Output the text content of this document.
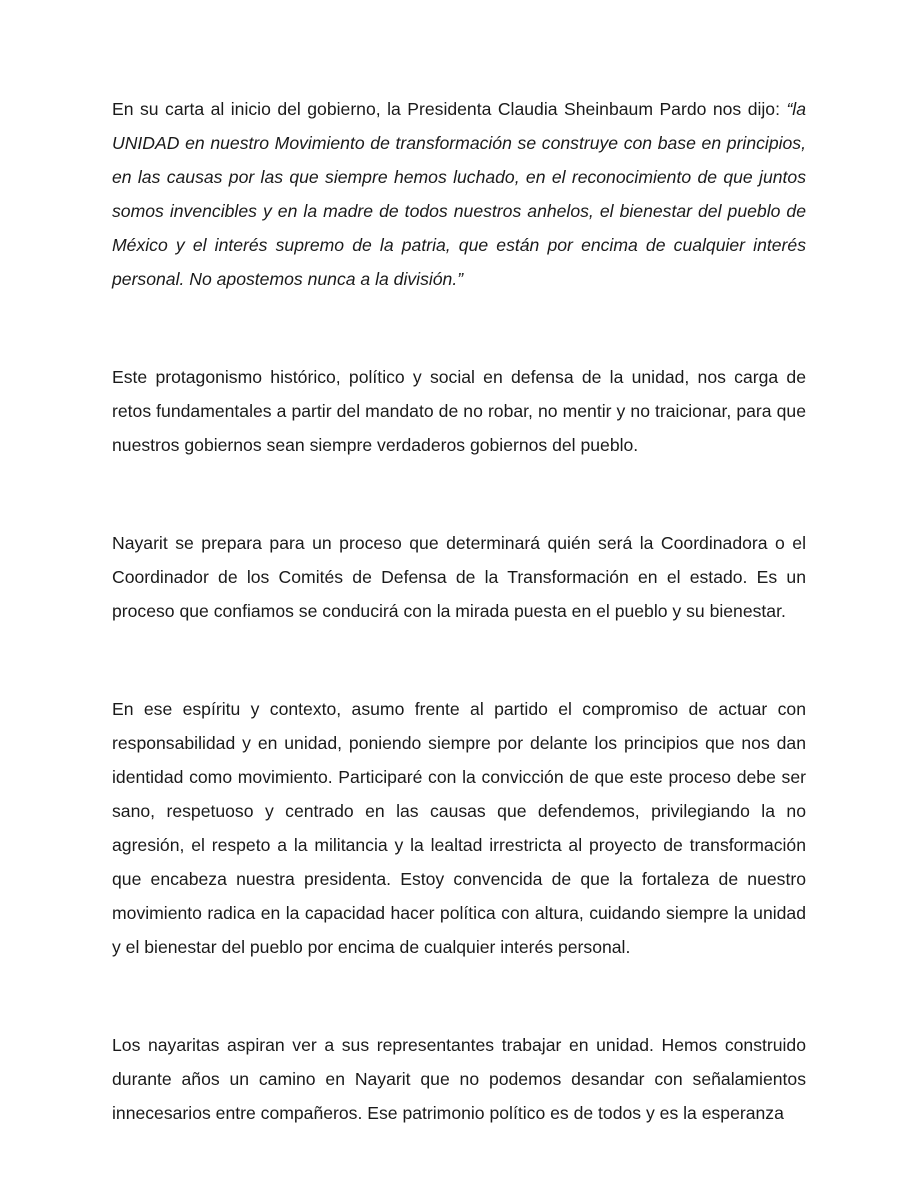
En su carta al inicio del gobierno, la Presidenta Claudia Sheinbaum Pardo nos dijo: “la UNIDAD en nuestro Movimiento de transformación se construye con base en principios, en las causas por las que siempre hemos luchado, en el reconocimiento de que juntos somos invencibles y en la madre de todos nuestros anhelos, el bienestar del pueblo de México y el interés supremo de la patria, que están por encima de cualquier interés personal. No apostemos nunca a la división.”

Este protagonismo histórico, político y social en defensa de la unidad, nos carga de retos fundamentales a partir del mandato de no robar, no mentir y no traicionar, para que nuestros gobiernos sean siempre verdaderos gobiernos del pueblo.

Nayarit se prepara para un proceso que determinará quién será la Coordinadora o el Coordinador de los Comités de Defensa de la Transformación en el estado. Es un proceso que confiamos se conducirá con la mirada puesta en el pueblo y su bienestar.

En ese espíritu y contexto, asumo frente al partido el compromiso de actuar con responsabilidad y en unidad, poniendo siempre por delante los principios que nos dan identidad como movimiento. Participaré con la convicción de que este proceso debe ser sano, respetuoso y centrado en las causas que defendemos, privilegiando la no agresión, el respeto a la militancia y la lealtad irrestricta al proyecto de transformación que encabeza nuestra presidenta. Estoy convencida de que la fortaleza de nuestro movimiento radica en la capacidad hacer política con altura, cuidando siempre la unidad y el bienestar del pueblo por encima de cualquier interés personal.

Los nayaritas aspiran ver a sus representantes trabajar en unidad. Hemos construido durante años un camino en Nayarit que no podemos desandar con señalamientos innecesarios entre compañeros. Ese patrimonio político es de todos y es la esperanza
